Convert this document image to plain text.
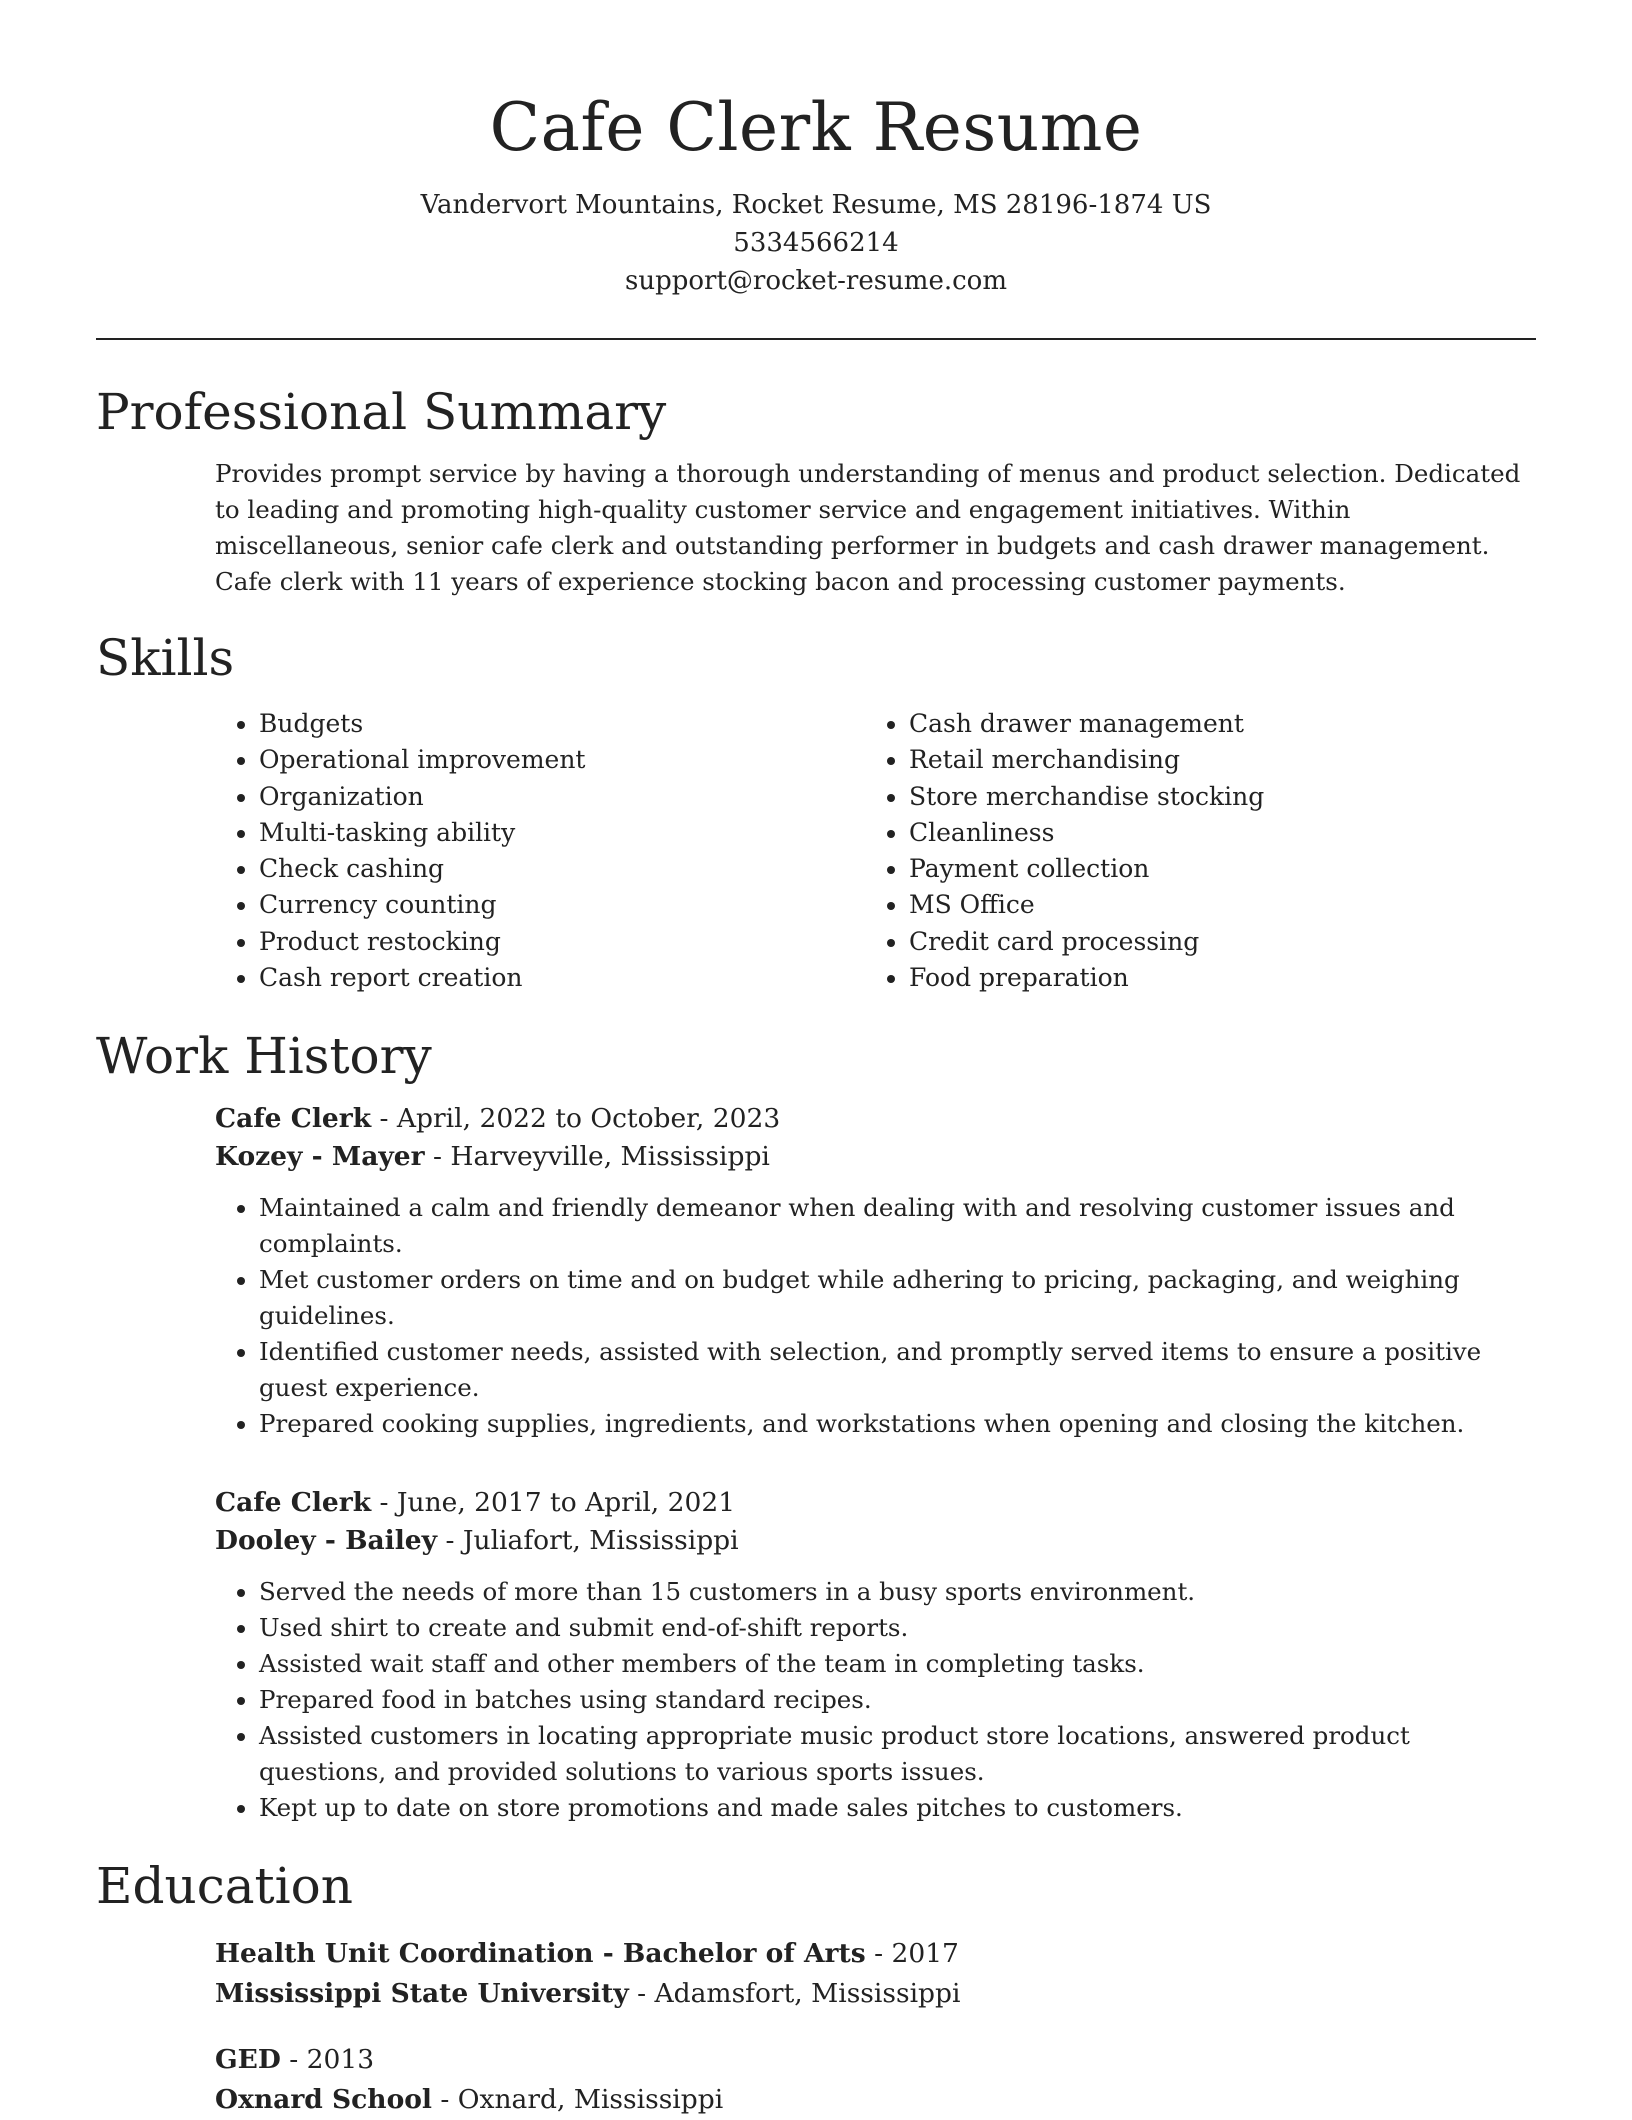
Cafe Clerk Resume
Vandervort Mountains, Rocket Resume, MS 28196-1874 US
5334566214
support@rocket-resume.com
Professional Summary

Provides prompt service by having a thorough understanding of menus and product selection. Dedicated to leading and promoting high-quality customer service and engagement initiatives. Within miscellaneous, senior cafe clerk and outstanding performer in budgets and cash drawer management. Cafe clerk with 11 years of experience stocking bacon and processing customer payments.

Skills
• Budgets
• Operational improvement
• Organization
• Multi-tasking ability
• Check cashing
• Currency counting
• Product restocking
• Cash report creation
• Cash drawer management
• Retail merchandising
• Store merchandise stocking
• Cleanliness
• Payment collection
• MS Office
• Credit card processing
• Food preparation
Work History
Cafe Clerk - April, 2022 to October, 2023
Kozey - Mayer - Harveyville, Mississippi
• Maintained a calm and friendly demeanor when dealing with and resolving customer issues and complaints.
• Met customer orders on time and on budget while adhering to pricing, packaging, and weighing guidelines.
• Identified customer needs, assisted with selection, and promptly served items to ensure a positive guest experience.
• Prepared cooking supplies, ingredients, and workstations when opening and closing the kitchen.
Cafe Clerk - June, 2017 to April, 2021
Dooley - Bailey - Juliafort, Mississippi
• Served the needs of more than 15 customers in a busy sports environment.
• Used shirt to create and submit end-of-shift reports.
• Assisted wait staff and other members of the team in completing tasks.
• Prepared food in batches using standard recipes.
• Assisted customers in locating appropriate music product store locations, answered product questions, and provided solutions to various sports issues.
• Kept up to date on store promotions and made sales pitches to customers.
Education
Health Unit Coordination - Bachelor of Arts - 2017
Mississippi State University - Adamsfort, Mississippi
GED - 2013
Oxnard School - Oxnard, Mississippi
